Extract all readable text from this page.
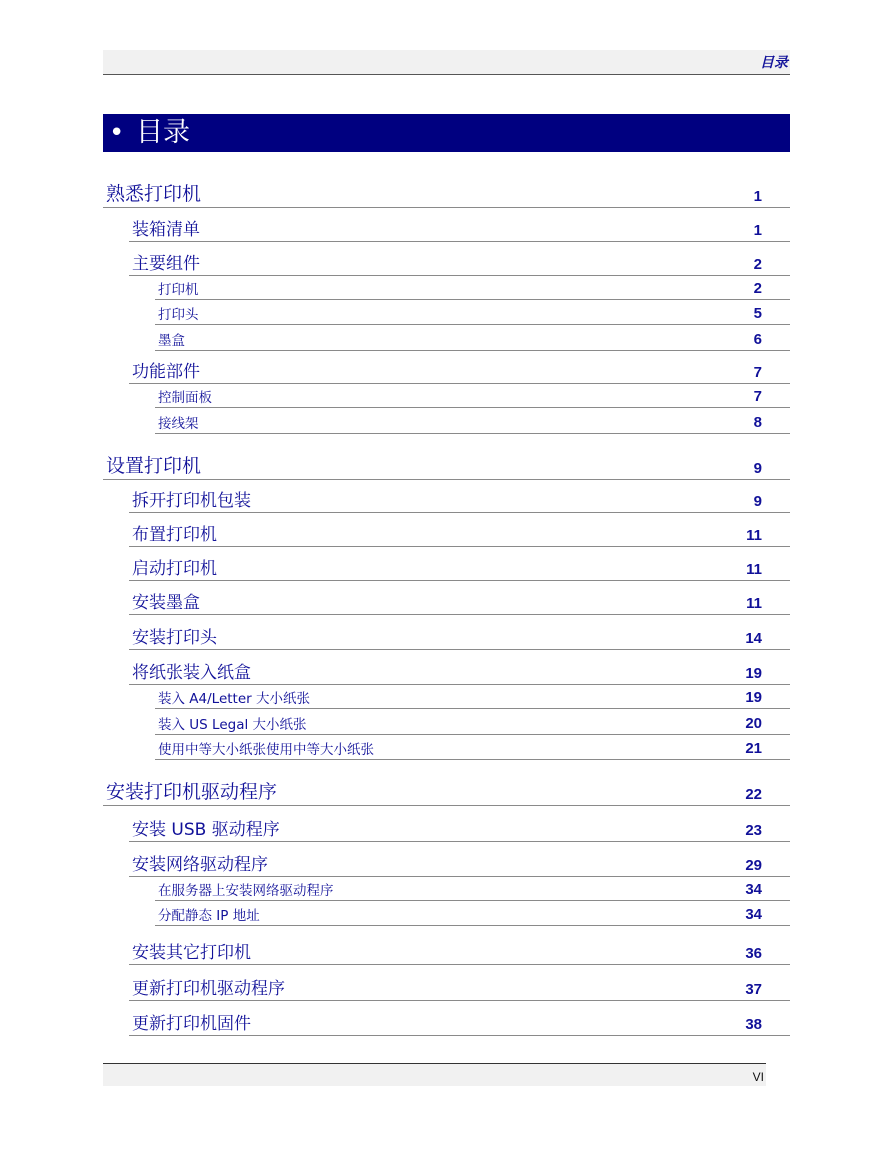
目录
• 目录
熟悉打印机	1
装箱清单	1
主要组件	2
打印机	2
打印头	5
墨盒	6
功能部件	7
控制面板	7
接线架	8
设置打印机	9
拆开打印机包装	9
布置打印机	11
启动打印机	11
安装墨盒	11
安装打印头	14
将纸张装入纸盒	19
装入 A4/Letter 大小纸张	19
装入 US Legal 大小纸张	20
使用中等大小纸张使用中等大小纸张	21
安装打印机驱动程序	22
安装 USB 驱动程序	23
安装网络驱动程序	29
在服务器上安装网络驱动程序	34
分配静态 IP 地址	34
安装其它打印机	36
更新打印机驱动程序	37
更新打印机固件	38
VI
